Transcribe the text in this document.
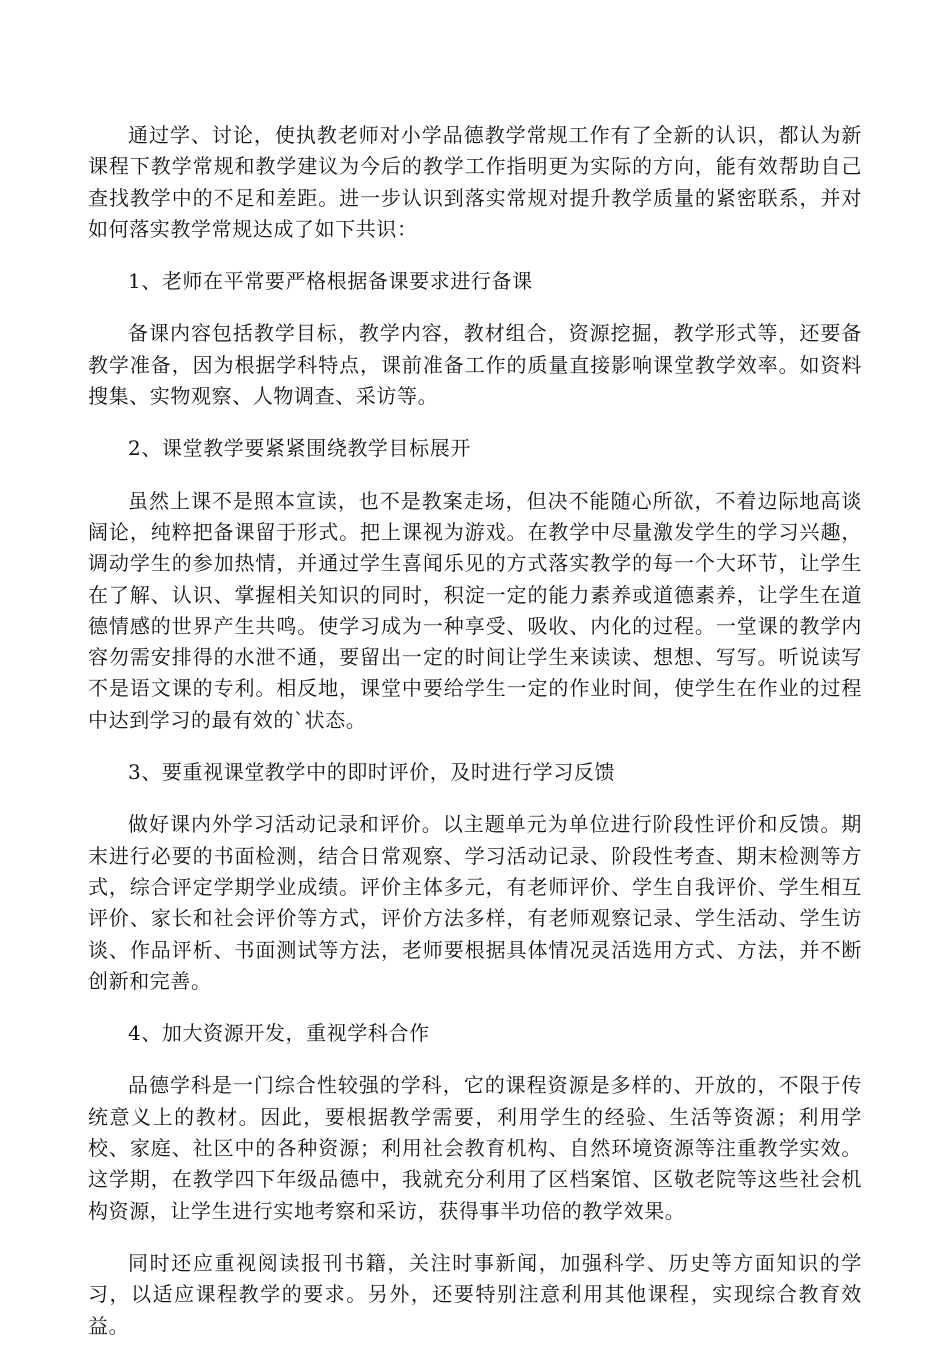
通过学、讨论，使执教老师对小学品德教学常规工作有了全新的认识，都认为新课程下教学常规和教学建议为今后的教学工作指明更为实际的方向，能有效帮助自己查找教学中的不足和差距。进一步认识到落实常规对提升教学质量的紧密联系，并对如何落实教学常规达成了如下共识：

1、老师在平常要严格根据备课要求进行备课

备课内容包括教学目标，教学内容，教材组合，资源挖掘，教学形式等，还要备教学准备，因为根据学科特点，课前准备工作的质量直接影响课堂教学效率。如资料搜集、实物观察、人物调查、采访等。

2、课堂教学要紧紧围绕教学目标展开

虽然上课不是照本宣读，也不是教案走场，但决不能随心所欲，不着边际地高谈阔论，纯粹把备课留于形式。把上课视为游戏。在教学中尽量激发学生的学习兴趣，调动学生的参加热情，并通过学生喜闻乐见的方式落实教学的每一个大环节，让学生在了解、认识、掌握相关知识的同时，积淀一定的能力素养或道德素养，让学生在道德情感的世界产生共鸣。使学习成为一种享受、吸收、内化的过程。一堂课的教学内容勿需安排得的水泄不通，要留出一定的时间让学生来读读、想想、写写。听说读写不是语文课的专利。相反地，课堂中要给学生一定的作业时间，使学生在作业的过程中达到学习的最有效的`状态。

3、要重视课堂教学中的即时评价，及时进行学习反馈

做好课内外学习活动记录和评价。以主题单元为单位进行阶段性评价和反馈。期末进行必要的书面检测，结合日常观察、学习活动记录、阶段性考查、期末检测等方式，综合评定学期学业成绩。评价主体多元，有老师评价、学生自我评价、学生相互评价、家长和社会评价等方式，评价方法多样，有老师观察记录、学生活动、学生访谈、作品评析、书面测试等方法，老师要根据具体情况灵活选用方式、方法，并不断创新和完善。

4、加大资源开发，重视学科合作

品德学科是一门综合性较强的学科，它的课程资源是多样的、开放的，不限于传统意义上的教材。因此，要根据教学需要，利用学生的经验、生活等资源；利用学校、家庭、社区中的各种资源；利用社会教育机构、自然环境资源等注重教学实效。这学期，在教学四下年级品德中，我就充分利用了区档案馆、区敬老院等这些社会机构资源，让学生进行实地考察和采访，获得事半功倍的教学效果。

同时还应重视阅读报刊书籍，关注时事新闻，加强科学、历史等方面知识的学习，以适应课程教学的要求。另外，还要特别注意利用其他课程，实现综合教育效益。
